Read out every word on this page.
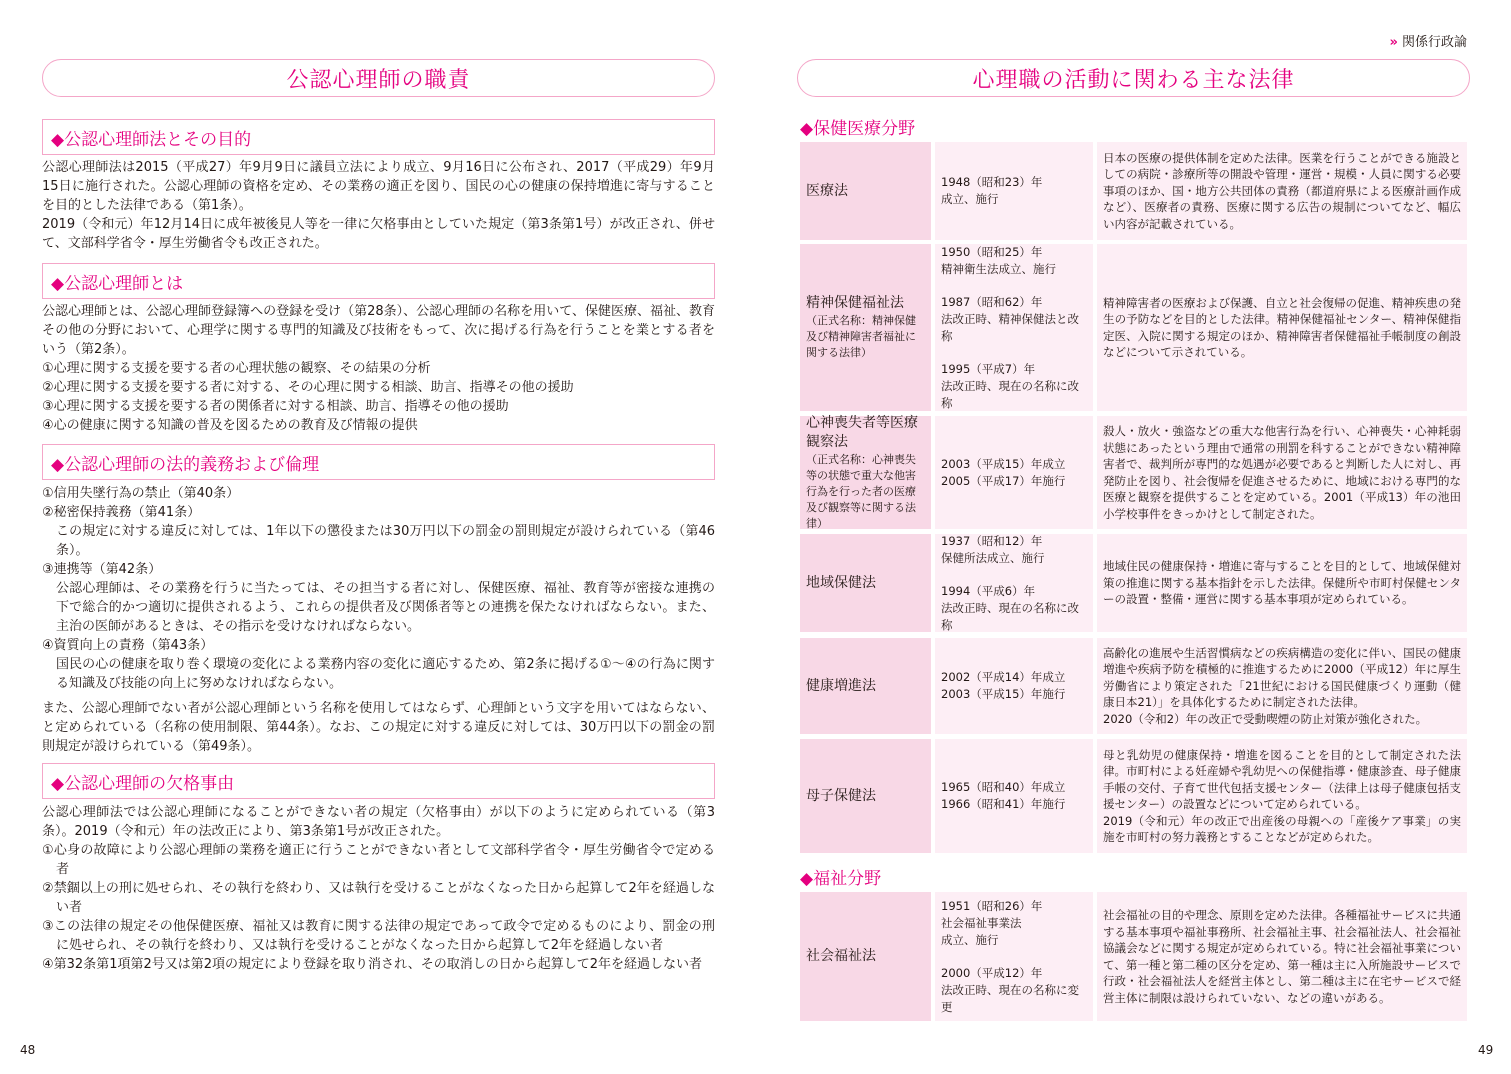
» 関係行政論
公認心理師の職責
◆公認心理師法とその目的

公認心理師法は2015（平成27）年9月9日に議員立法により成立、9月16日に公布され、2017（平成29）年9月15日に施行された。公認心理師の資格を定め、その業務の適正を図り、国民の心の健康の保持増進に寄与することを目的とした法律である（第1条）。

2019（令和元）年12月14日に成年被後見人等を一律に欠格事由としていた規定（第3条第1号）が改正され、併せて、文部科学省令・厚生労働省令も改正された。

◆公認心理師とは

公認心理師とは、公認心理師登録簿への登録を受け（第28条）、公認心理師の名称を用いて、保健医療、福祉、教育その他の分野において、心理学に関する専門的知識及び技術をもって、次に掲げる行為を行うことを業とする者をいう（第2条）。

①心理に関する支援を要する者の心理状態の観察、その結果の分析

②心理に関する支援を要する者に対する、その心理に関する相談、助言、指導その他の援助

③心理に関する支援を要する者の関係者に対する相談、助言、指導その他の援助

④心の健康に関する知識の普及を図るための教育及び情報の提供

◆公認心理師の法的義務および倫理

①信用失墜行為の禁止（第40条）

②秘密保持義務（第41条）

この規定に対する違反に対しては、1年以下の懲役または30万円以下の罰金の罰則規定が設けられている（第46条）。

③連携等（第42条）

公認心理師は、その業務を行うに当たっては、その担当する者に対し、保健医療、福祉、教育等が密接な連携の下で総合的かつ適切に提供されるよう、これらの提供者及び関係者等との連携を保たなければならない。また、主治の医師があるときは、その指示を受けなければならない。

④資質向上の責務（第43条）

国民の心の健康を取り巻く環境の変化による業務内容の変化に適応するため、第2条に掲げる①～④の行為に関する知識及び技能の向上に努めなければならない。

また、公認心理師でない者が公認心理師という名称を使用してはならず、心理師という文字を用いてはならない、と定められている（名称の使用制限、第44条）。なお、この規定に対する違反に対しては、30万円以下の罰金の罰則規定が設けられている（第49条）。

◆公認心理師の欠格事由

公認心理師法では公認心理師になることができない者の規定（欠格事由）が以下のように定められている（第3条）。2019（令和元）年の法改正により、第3条第1号が改正された。

①心身の故障により公認心理師の業務を適正に行うことができない者として文部科学省令・厚生労働省令で定める者

②禁錮以上の刑に処せられ、その執行を終わり、又は執行を受けることがなくなった日から起算して2年を経過しない者

③この法律の規定その他保健医療、福祉又は教育に関する法律の規定であって政令で定めるものにより、罰金の刑に処せられ、その執行を終わり、又は執行を受けることがなくなった日から起算して2年を経過しない者

④第32条第1項第2号又は第2項の規定により登録を取り消され、その取消しの日から起算して2年を経過しない者

48
心理職の活動に関わる主な法律
◆保健医療分野
◆福祉分野
医療法
1948（昭和23）年
成立、施行
日本の医療の提供体制を定めた法律。医業を行うことができる施設としての病院・診療所等の開設や管理・運営・規模・人員に関する必要事項のほか、国・地方公共団体の責務（都道府県による医療計画作成など）、医療者の責務、医療に関する広告の規制についてなど、幅広い内容が記載されている。
精神保健福祉法
（正式名称：精神保健及び精神障害者福祉に関する法律）
1950（昭和25）年
精神衛生法成立、施行
1987（昭和62）年
法改正時、精神保健法と改称
1995（平成7）年
法改正時、現在の名称に改称
精神障害者の医療および保護、自立と社会復帰の促進、精神疾患の発生の予防などを目的とした法律。精神保健福祉センター、精神保健指定医、入院に関する規定のほか、精神障害者保健福祉手帳制度の創設などについて示されている。
心神喪失者等医療観察法
（正式名称：心神喪失等の状態で重大な他害行為を行った者の医療及び観察等に関する法律）
2003（平成15）年成立
2005（平成17）年施行
殺人・放火・強盗などの重大な他害行為を行い、心神喪失・心神耗弱状態にあったという理由で通常の刑罰を科することができない精神障害者で、裁判所が専門的な処遇が必要であると判断した人に対し、再発防止を図り、社会復帰を促進させるために、地域における専門的な医療と観察を提供することを定めている。2001（平成13）年の池田小学校事件をきっかけとして制定された。
地域保健法
1937（昭和12）年
保健所法成立、施行
1994（平成6）年
法改正時、現在の名称に改称
地域住民の健康保持・増進に寄与することを目的として、地域保健対策の推進に関する基本指針を示した法律。保健所や市町村保健センターの設置・整備・運営に関する基本事項が定められている。
健康増進法
2002（平成14）年成立
2003（平成15）年施行
高齢化の進展や生活習慣病などの疾病構造の変化に伴い、国民の健康増進や疾病予防を積極的に推進するために2000（平成12）年に厚生労働省により策定された「21世紀における国民健康づくり運動（健康日本21）」を具体化するために制定された法律。
2020（令和2）年の改正で受動喫煙の防止対策が強化された。
母子保健法
1965（昭和40）年成立
1966（昭和41）年施行
母と乳幼児の健康保持・増進を図ることを目的として制定された法律。市町村による妊産婦や乳幼児への保健指導・健康診査、母子健康手帳の交付、子育て世代包括支援センター（法律上は母子健康包括支援センター）の設置などについて定められている。
2019（令和元）年の改正で出産後の母親への「産後ケア事業」の実施を市町村の努力義務とすることなどが定められた。
社会福祉法
1951（昭和26）年
社会福祉事業法
成立、施行
2000（平成12）年
法改正時、現在の名称に変更
社会福祉の目的や理念、原則を定めた法律。各種福祉サービスに共通する基本事項や福祉事務所、社会福祉主事、社会福祉法人、社会福祉協議会などに関する規定が定められている。特に社会福祉事業について、第一種と第二種の区分を定め、第一種は主に入所施設サービスで行政・社会福祉法人を経営主体とし、第二種は主に在宅サービスで経営主体に制限は設けられていない、などの違いがある。
49
